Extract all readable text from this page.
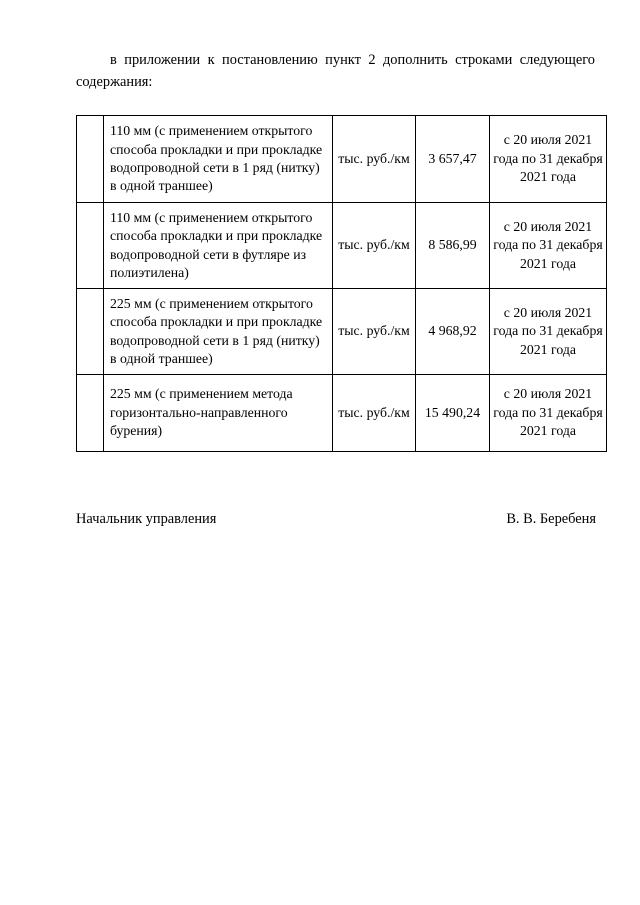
в приложении к постановлению пункт 2 дополнить строками следующего содержания:

	110 мм (с применением открытого способа прокладки и при прокладке водопроводной сети в 1 ряд (нитку) в одной траншее)	тыс. руб./км	3 657,47	с 20 июля 2021 года по 31 декабря 2021 года
	110 мм (с применением открытого способа прокладки и при прокладке водопроводной сети в футляре из полиэтилена)	тыс. руб./км	8 586,99	с 20 июля 2021 года по 31 декабря 2021 года
	225 мм (с применением открытого способа прокладки и при прокладке водопроводной сети в 1 ряд (нитку) в одной траншее)	тыс. руб./км	4 968,92	с 20 июля 2021 года по 31 декабря 2021 года
	225 мм (с применением метода горизонтально-направленного бурения)	тыс. руб./км	15 490,24	с 20 июля 2021 года по 31 декабря 2021 года
Начальник управления	В. В. Беребеня
